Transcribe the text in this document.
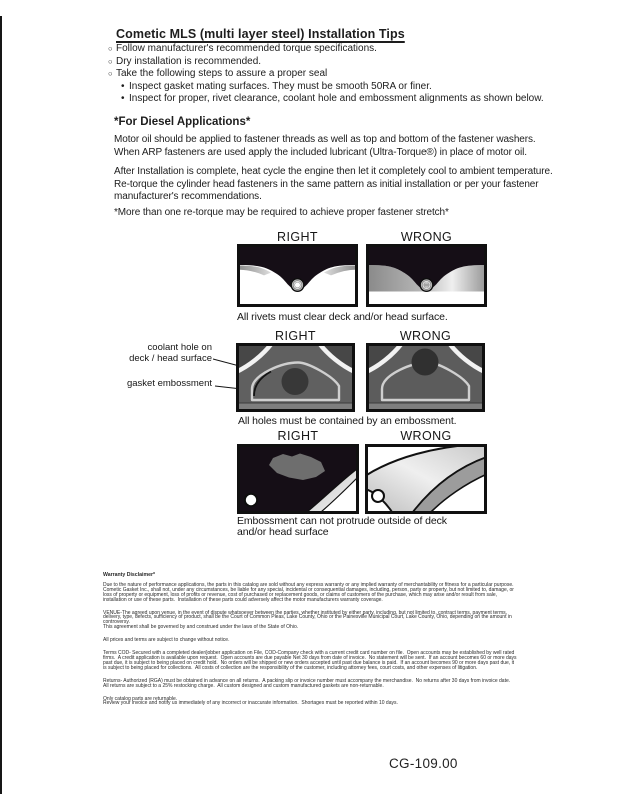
Cometic MLS (multi layer steel) Installation Tips
○ Follow manufacturer's recommended torque specifications.
○ Dry installation is recommended.
○ Take the following steps to assure a proper seal
• Inspect gasket mating surfaces. They must be smooth 50RA or finer.
• Inspect for proper, rivet clearance, coolant hole and embossment alignments as shown below.
*For Diesel Applications*
Motor oil should be applied to fastener threads as well as top and bottom of the fastener washers. When ARP fasteners are used apply the included lubricant (Ultra-Torque®) in place of motor oil.
After Installation is complete, heat cycle the engine then let it completely cool to ambient temperature. Re-torque the cylinder head fasteners in the same pattern as initial installation or per your fastener manufacturer's recommendations.
*More than one re-torque may be required to achieve proper fastener stretch*
RIGHT	WRONG
All rivets must clear deck and/or head surface.
RIGHT	WRONG
coolant hole on
deck / head surface
gasket embossment
All holes must be contained by an embossment.
RIGHT	WRONG
Embossment can not protrude outside of deck
and/or head surface
Warranty Disclaimer*

Due to the nature of performance applications, the parts in this catalog are sold without any express warranty or any implied warranty of merchantability or fitness for a particular purpose.  Cometic Gasket Inc., shall not, under any circumstances, be liable for any special, incidental or consequential damages, including, person, party or property, but not limited to, damage, or loss of property or equipment, loss of profits or revenue, cost of purchased or replacement goods, or claims of customers of the purchase, which may arise and/or result from sale, installation or use of these parts.  Installation of these parts could adversely affect the motor manufacturers warranty coverage.

VENUE-The agreed upon venue, in the event of dispute whatsoever between the parties, whether instituted by either party, including, but not limited to, contract terms, payment terms, delivery, type, defects, sufficiency of product, shall be the Court of Common Pleas, Lake County, Ohio or the Painesville Municipal Court, Lake County, Ohio, depending on the amount in controversy.

This agreement shall be governed by and construed under the laws of the State of Ohio.

All prices and terms are subject to change without notice.

Terms COD- Secured with a completed dealer/jobber application on File, COD-Company check with a current credit card number on file.  Open accounts may be established by well rated firms.  A credit application is available upon request.  Open accounts are due payable Net 30 days from date of invoice.  No statement will be sent.  If an account becomes 60 or more days past due, it is subject to being placed on credit hold.  No orders will be shipped or new orders accepted until past due balance is paid.  If an account becomes 90 or more days past due, it is subject to being placed for collections.  All costs of collection are the responsibility of the customer, including attorney fees, court costs, and other expenses of litigation.

Returns- Authorized (RGA) must be obtained in advance on all returns.  A packing slip or invoice number must accompany the merchandise.  No returns after 30 days from invoice date.  All returns are subject to a 25% restocking charge.  All custom designed and custom manufactured gaskets are non-returnable.

Only catalog parts are returnable.

Review your invoice and notify us immediately of any incorrect or inaccurate information.  Shortages must be reported within 10 days.

CG-109.00
